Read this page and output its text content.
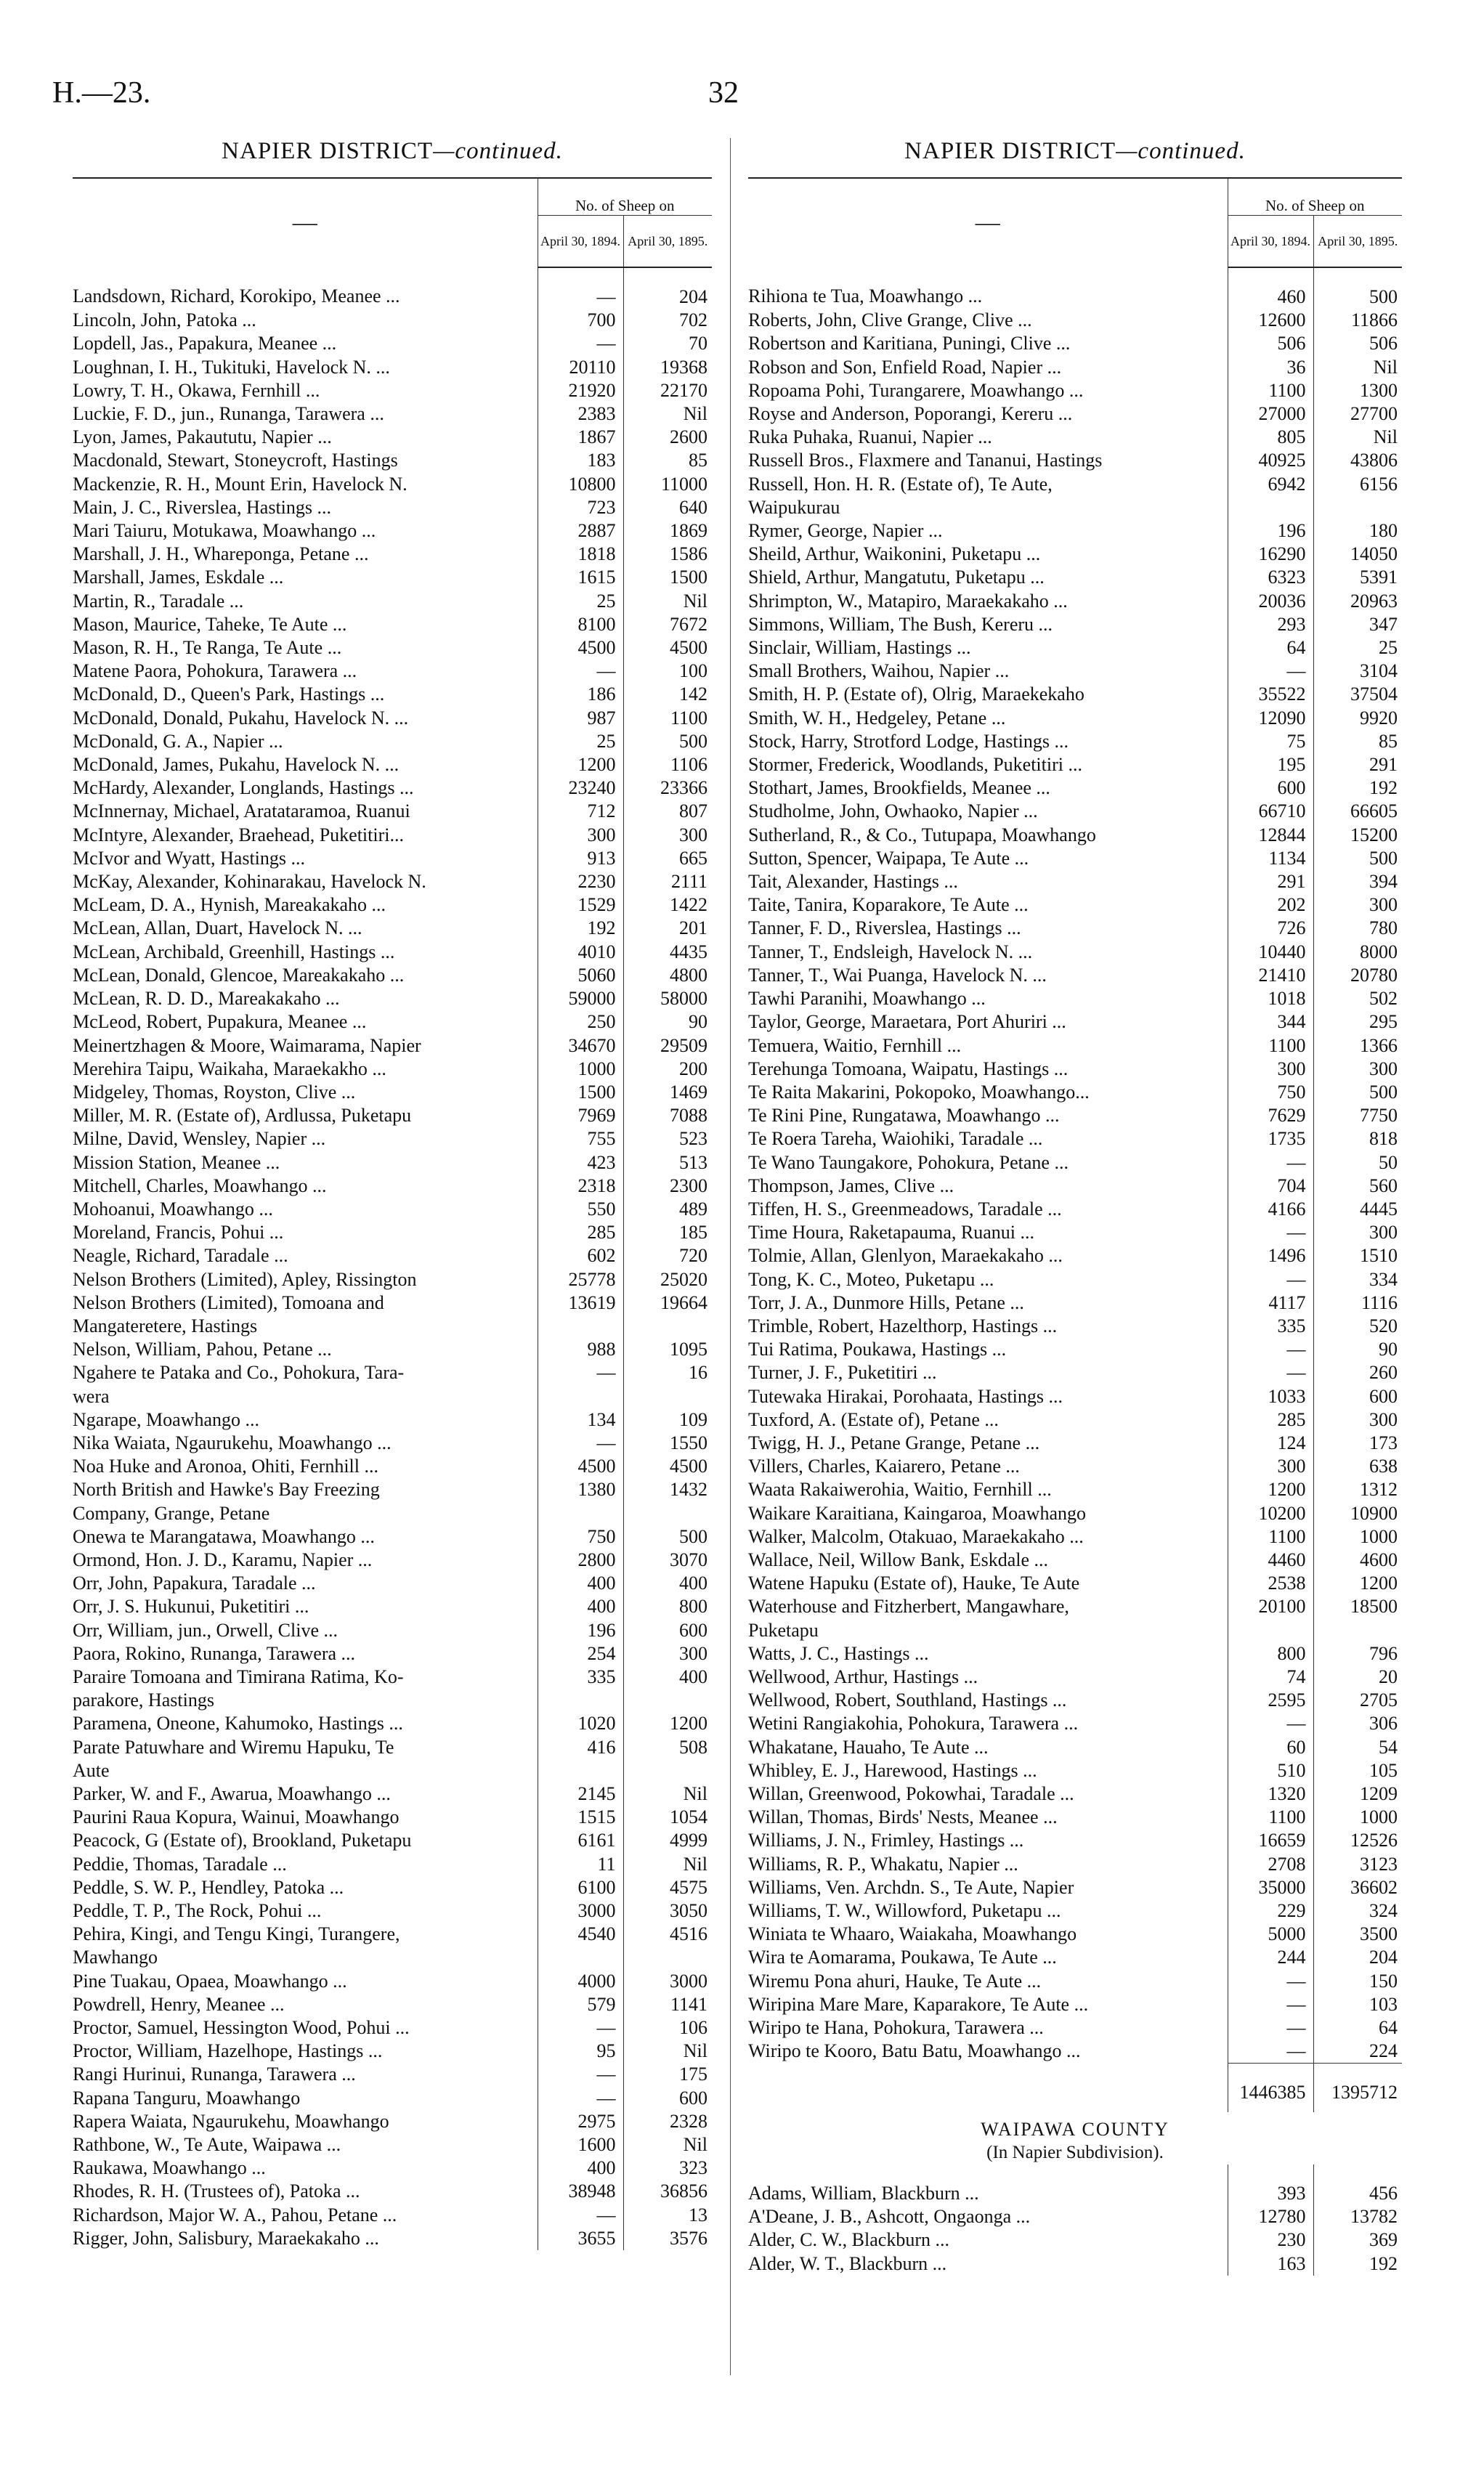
H.—23.	32
NAPIER DISTRICT—continued.
—	No. of Sheep on	
	April 30, 1894.	April 30, 1895.
Landsdown, Richard, Korokipo, Meanee ...	—	204
Lincoln, John, Patoka ...	700	702
Lopdell, Jas., Papakura, Meanee ...	—	70
Loughnan, I. H., Tukituki, Havelock N. ...	20110	19368
Lowry, T. H., Okawa, Fernhill ...	21920	22170
Luckie, F. D., jun., Runanga, Tarawera ...	2383	Nil
Lyon, James, Pakaututu, Napier ...	1867	2600
Macdonald, Stewart, Stoneycroft, Hastings	183	85
Mackenzie, R. H., Mount Erin, Havelock N.	10800	11000
Main, J. C., Riverslea, Hastings ...	723	640
Mari Taiuru, Motukawa, Moawhango ...	2887	1869
Marshall, J. H., Whareponga, Petane ...	1818	1586
Marshall, James, Eskdale ...	1615	1500
Martin, R., Taradale ...	25	Nil
Mason, Maurice, Taheke, Te Aute ...	8100	7672
Mason, R. H., Te Ranga, Te Aute ...	4500	4500
Matene Paora, Pohokura, Tarawera ...	—	100
McDonald, D., Queen's Park, Hastings ...	186	142
McDonald, Donald, Pukahu, Havelock N. ...	987	1100
McDonald, G. A., Napier ...	25	500
McDonald, James, Pukahu, Havelock N. ...	1200	1106
McHardy, Alexander, Longlands, Hastings ...	23240	23366
McInnernay, Michael, Aratataramoa, Ruanui	712	807
McIntyre, Alexander, Braehead, Puketitiri...	300	300
McIvor and Wyatt, Hastings ...	913	665
McKay, Alexander, Kohinarakau, Havelock N.	2230	2111
McLeam, D. A., Hynish, Mareakakaho ...	1529	1422
McLean, Allan, Duart, Havelock N. ...	192	201
McLean, Archibald, Greenhill, Hastings ...	4010	4435
McLean, Donald, Glencoe, Mareakakaho ...	5060	4800
McLean, R. D. D., Mareakakaho ...	59000	58000
McLeod, Robert, Pupakura, Meanee ...	250	90
Meinertzhagen & Moore, Waimarama, Napier	34670	29509
Merehira Taipu, Waikaha, Maraekakho ...	1000	200
Midgeley, Thomas, Royston, Clive ...	1500	1469
Miller, M. R. (Estate of), Ardlussa, Puketapu	7969	7088
Milne, David, Wensley, Napier ...	755	523
Mission Station, Meanee ...	423	513
Mitchell, Charles, Moawhango ...	2318	2300
Mohoanui, Moawhango ...	550	489
Moreland, Francis, Pohui ...	285	185
Neagle, Richard, Taradale ...	602	720
Nelson Brothers (Limited), Apley, Rissington	25778	25020
Nelson Brothers (Limited), Tomoana and	13619	19664
Mangateretere, Hastings		
Nelson, William, Pahou, Petane ...	988	1095
Ngahere te Pataka and Co., Pohokura, Tara-	—	16
wera		
Ngarape, Moawhango ...	134	109
Nika Waiata, Ngaurukehu, Moawhango ...	—	1550
Noa Huke and Aronoa, Ohiti, Fernhill ...	4500	4500
North British and Hawke's Bay Freezing	1380	1432
Company, Grange, Petane		
Onewa te Marangatawa, Moawhango ...	750	500
Ormond, Hon. J. D., Karamu, Napier ...	2800	3070
Orr, John, Papakura, Taradale ...	400	400
Orr, J. S. Hukunui, Puketitiri ...	400	800
Orr, William, jun., Orwell, Clive ...	196	600
Paora, Rokino, Runanga, Tarawera ...	254	300
Paraire Tomoana and Timirana Ratima, Ko-	335	400
parakore, Hastings		
Paramena, Oneone, Kahumoko, Hastings ...	1020	1200
Parate Patuwhare and Wiremu Hapuku, Te	416	508
Aute		
Parker, W. and F., Awarua, Moawhango ...	2145	Nil
Paurini Raua Kopura, Wainui, Moawhango	1515	1054
Peacock, G (Estate of), Brookland, Puketapu	6161	4999
Peddie, Thomas, Taradale ...	11	Nil
Peddle, S. W. P., Hendley, Patoka ...	6100	4575
Peddle, T. P., The Rock, Pohui ...	3000	3050
Pehira, Kingi, and Tengu Kingi, Turangere,	4540	4516
Mawhango		
Pine Tuakau, Opaea, Moawhango ...	4000	3000
Powdrell, Henry, Meanee ...	579	1141
Proctor, Samuel, Hessington Wood, Pohui ...	—	106
Proctor, William, Hazelhope, Hastings ...	95	Nil
Rangi Hurinui, Runanga, Tarawera ...	—	175
Rapana Tanguru, Moawhango	—	600
Rapera Waiata, Ngaurukehu, Moawhango	2975	2328
Rathbone, W., Te Aute, Waipawa ...	1600	Nil
Raukawa, Moawhango ...	400	323
Rhodes, R. H. (Trustees of), Patoka ...	38948	36856
Richardson, Major W. A., Pahou, Petane ...	—	13
Rigger, John, Salisbury, Maraekakaho ...	3655	3576
NAPIER DISTRICT—continued.
—	No. of Sheep on	
	April 30, 1894.	April 30, 1895.
Rihiona te Tua, Moawhango ...	460	500
Roberts, John, Clive Grange, Clive ...	12600	11866
Robertson and Karitiana, Puningi, Clive ...	506	506
Robson and Son, Enfield Road, Napier ...	36	Nil
Ropoama Pohi, Turangarere, Moawhango ...	1100	1300
Royse and Anderson, Poporangi, Kereru ...	27000	27700
Ruka Puhaka, Ruanui, Napier ...	805	Nil
Russell Bros., Flaxmere and Tananui, Hastings	40925	43806
Russell, Hon. H. R. (Estate of), Te Aute,	6942	6156
Waipukurau		
Rymer, George, Napier ...	196	180
Sheild, Arthur, Waikonini, Puketapu ...	16290	14050
Shield, Arthur, Mangatutu, Puketapu ...	6323	5391
Shrimpton, W., Matapiro, Maraekakaho ...	20036	20963
Simmons, William, The Bush, Kereru ...	293	347
Sinclair, William, Hastings ...	64	25
Small Brothers, Waihou, Napier ...	—	3104
Smith, H. P. (Estate of), Olrig, Maraekekaho	35522	37504
Smith, W. H., Hedgeley, Petane ...	12090	9920
Stock, Harry, Strotford Lodge, Hastings ...	75	85
Stormer, Frederick, Woodlands, Puketitiri ...	195	291
Stothart, James, Brookfields, Meanee ...	600	192
Studholme, John, Owhaoko, Napier ...	66710	66605
Sutherland, R., & Co., Tutupapa, Moawhango	12844	15200
Sutton, Spencer, Waipapa, Te Aute ...	1134	500
Tait, Alexander, Hastings ...	291	394
Taite, Tanira, Koparakore, Te Aute ...	202	300
Tanner, F. D., Riverslea, Hastings ...	726	780
Tanner, T., Endsleigh, Havelock N. ...	10440	8000
Tanner, T., Wai Puanga, Havelock N. ...	21410	20780
Tawhi Paranihi, Moawhango ...	1018	502
Taylor, George, Maraetara, Port Ahuriri ...	344	295
Temuera, Waitio, Fernhill ...	1100	1366
Terehunga Tomoana, Waipatu, Hastings ...	300	300
Te Raita Makarini, Pokopoko, Moawhango...	750	500
Te Rini Pine, Rungatawa, Moawhango ...	7629	7750
Te Roera Tareha, Waiohiki, Taradale ...	1735	818
Te Wano Taungakore, Pohokura, Petane ...	—	50
Thompson, James, Clive ...	704	560
Tiffen, H. S., Greenmeadows, Taradale ...	4166	4445
Time Houra, Raketapauma, Ruanui ...	—	300
Tolmie, Allan, Glenlyon, Maraekakaho ...	1496	1510
Tong, K. C., Moteo, Puketapu ...	—	334
Torr, J. A., Dunmore Hills, Petane ...	4117	1116
Trimble, Robert, Hazelthorp, Hastings ...	335	520
Tui Ratima, Poukawa, Hastings ...	—	90
Turner, J. F., Puketitiri ...	—	260
Tutewaka Hirakai, Porohaata, Hastings ...	1033	600
Tuxford, A. (Estate of), Petane ...	285	300
Twigg, H. J., Petane Grange, Petane ...	124	173
Villers, Charles, Kaiarero, Petane ...	300	638
Waata Rakaiwerohia, Waitio, Fernhill ...	1200	1312
Waikare Karaitiana, Kaingaroa, Moawhango	10200	10900
Walker, Malcolm, Otakuao, Maraekakaho ...	1100	1000
Wallace, Neil, Willow Bank, Eskdale ...	4460	4600
Watene Hapuku (Estate of), Hauke, Te Aute	2538	1200
Waterhouse and Fitzherbert, Mangawhare,	20100	18500
Puketapu		
Watts, J. C., Hastings ...	800	796
Wellwood, Arthur, Hastings ...	74	20
Wellwood, Robert, Southland, Hastings ...	2595	2705
Wetini Rangiakohia, Pohokura, Tarawera ...	—	306
Whakatane, Hauaho, Te Aute ...	60	54
Whibley, E. J., Harewood, Hastings ...	510	105
Willan, Greenwood, Pokowhai, Taradale ...	1320	1209
Willan, Thomas, Birds' Nests, Meanee ...	1100	1000
Williams, J. N., Frimley, Hastings ...	16659	12526
Williams, R. P., Whakatu, Napier ...	2708	3123
Williams, Ven. Archdn. S., Te Aute, Napier	35000	36602
Williams, T. W., Willowford, Puketapu ...	229	324
Winiata te Whaaro, Waiakaha, Moawhango	5000	3500
Wira te Aomarama, Poukawa, Te Aute ...	244	204
Wiremu Pona ahuri, Hauke, Te Aute ...	—	150
Wiripina Mare Mare, Kaparakore, Te Aute ...	—	103
Wiripo te Hana, Pohokura, Tarawera ...	—	64
Wiripo te Kooro, Batu Batu, Moawhango ...	—	224
	1446385	1395712
WAIPAWA COUNTY		
(In Napier Subdivision).		
Adams, William, Blackburn ...	393	456
A'Deane, J. B., Ashcott, Ongaonga ...	12780	13782
Alder, C. W., Blackburn ...	230	369
Alder, W. T., Blackburn ...	163	192
